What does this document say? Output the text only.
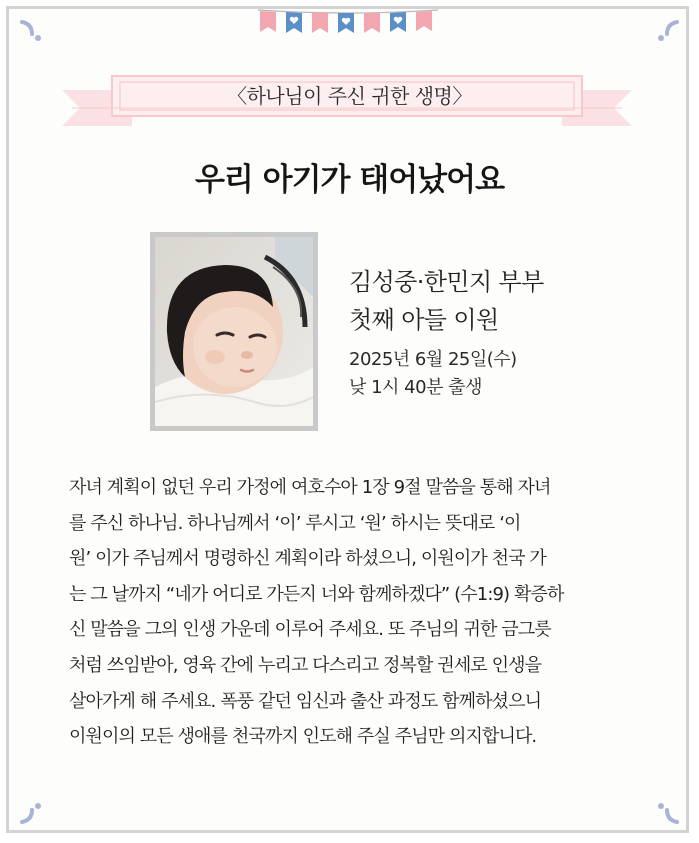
〈하나님이 주신 귀한 생명〉
우리 아기가 태어났어요
김성중·한민지 부부
첫째 아들 이원
2025년 6월 25일(수)
낮 1시 40분 출생
자녀 계획이 없던 우리 가정에 여호수아 1장 9절 말씀을 통해 자녀
를 주신 하나님. 하나님께서 ‘이’ 루시고 ‘원’ 하시는 뜻대로 ‘이
원’ 이가 주님께서 명령하신 계획이라 하셨으니, 이원이가 천국 가
는 그 날까지 “네가 어디로 가든지 너와 함께하겠다” (수1:9) 확증하
신 말씀을 그의 인생 가운데 이루어 주세요. 또 주님의 귀한 금그릇
처럼 쓰임받아, 영육 간에 누리고 다스리고 정복할 권세로 인생을
살아가게 해 주세요. 폭풍 같던 임신과 출산 과정도 함께하셨으니
이원이의 모든 생애를 천국까지 인도해 주실 주님만 의지합니다.
